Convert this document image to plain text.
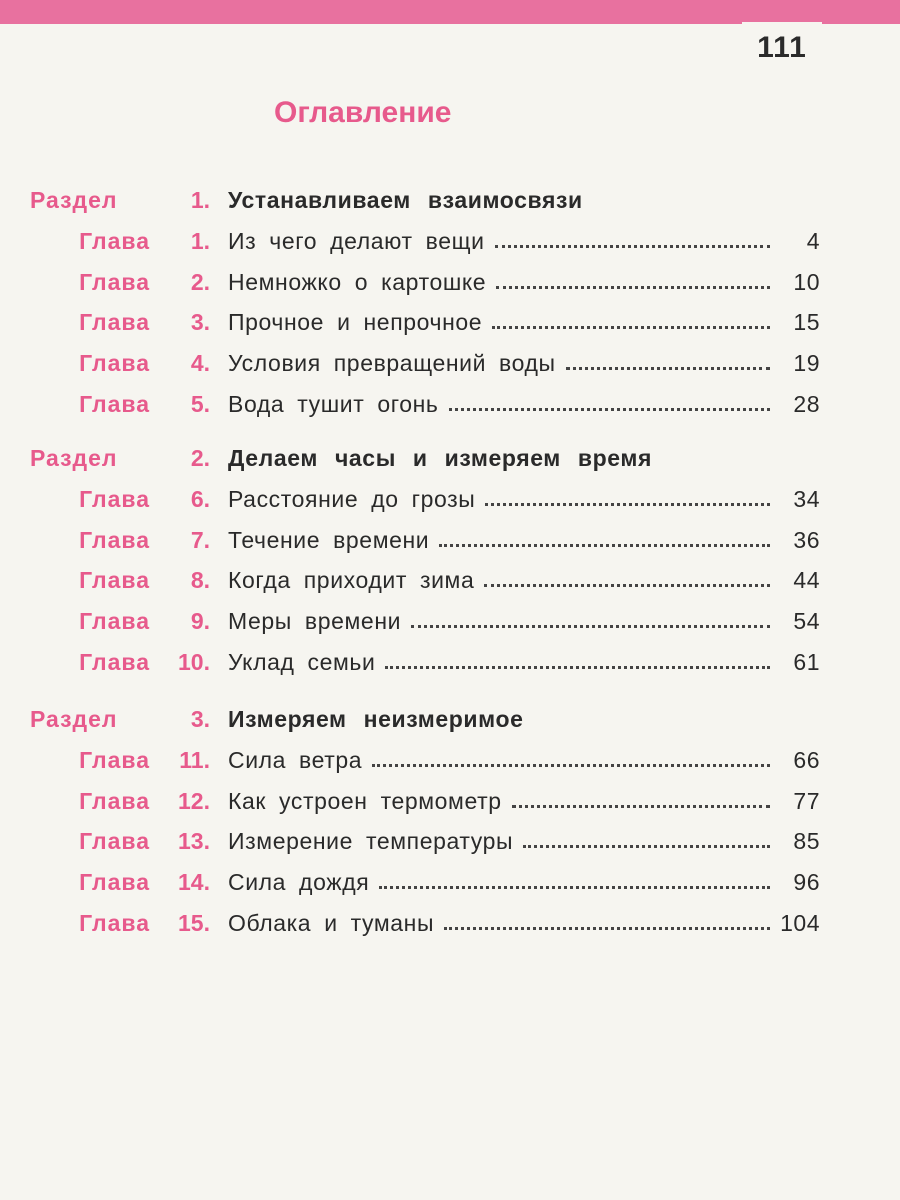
111
Оглавление
Раздел	1. Устанавливаем взаимосвязи
Глава	1. Из чего делают вещи	4
Глава	2. Немножко о картошке	10
Глава	3. Прочное и непрочное	15
Глава	4. Условия превращений воды	19
Глава	5. Вода тушит огонь	28
Раздел	2. Делаем часы и измеряем время
Глава	6. Расстояние до грозы	34
Глава	7. Течение времени	36
Глава	8. Когда приходит зима	44
Глава	9. Меры времени	54
Глава	10. Уклад семьи	61
Раздел	3. Измеряем неизмеримое
Глава	11. Сила ветра	66
Глава	12. Как устроен термометр	77
Глава	13. Измерение температуры	85
Глава	14. Сила дождя	96
Глава	15. Облака и туманы	104
